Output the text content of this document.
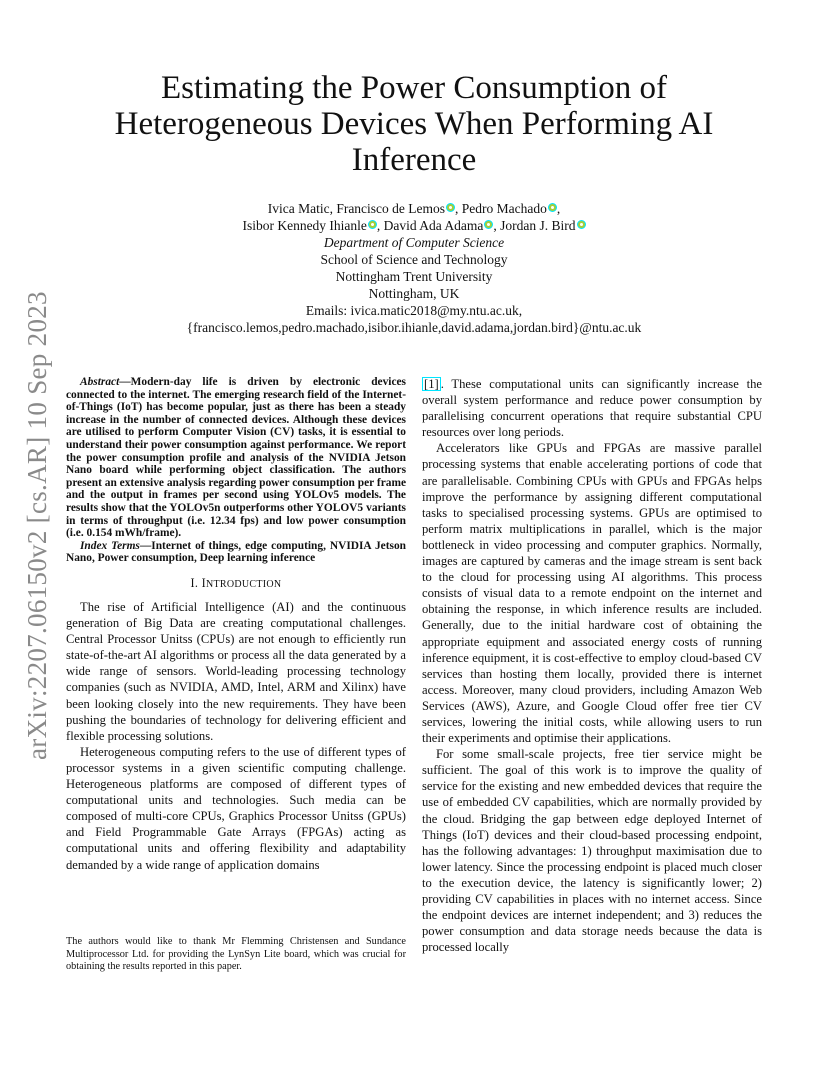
arXiv:2207.06150v2 [cs.AR] 10 Sep 2023
Estimating the Power Consumption of
Heterogeneous Devices When Performing AI
Inference
Ivica Matic, Francisco de Lemos , Pedro Machado ,
Isibor Kennedy Ihianle , David Ada Adama , Jordan J. Bird
Department of Computer Science
School of Science and Technology
Nottingham Trent University
Nottingham, UK
Emails: ivica.matic2018@my.ntu.ac.uk,
{francisco.lemos,pedro.machado,isibor.ihianle,david.adama,jordan.bird}@ntu.ac.uk

Abstract—Modern-day life is driven by electronic devices connected to the internet. The emerging research field of the Internet-of-Things (IoT) has become popular, just as there has been a steady increase in the number of connected devices. Although these devices are utilised to perform Computer Vision (CV) tasks, it is essential to understand their power consumption against performance. We report the power consumption profile and analysis of the NVIDIA Jetson Nano board while performing object classification. The authors present an extensive analysis regarding power consumption per frame and the output in frames per second using YOLOv5 models. The results show that the YOLOv5n outperforms other YOLOV5 variants in terms of throughput (i.e. 12.34 fps) and low power consumption (i.e. 0.154 mWh/frame).

Index Terms—Internet of things, edge computing, NVIDIA Jetson Nano, Power consumption, Deep learning inference

I. INTRODUCTION

The rise of Artificial Intelligence (AI) and the continuous generation of Big Data are creating computational challenges. Central Processor Unitss (CPUs) are not enough to efficiently run state-of-the-art AI algorithms or process all the data generated by a wide range of sensors. World-leading processing technology companies (such as NVIDIA, AMD, Intel, ARM and Xilinx) have been looking closely into the new requirements. They have been pushing the boundaries of technology for delivering efficient and flexible processing solutions.

Heterogeneous computing refers to the use of different types of processor systems in a given scientific computing challenge. Heterogeneous platforms are composed of different types of computational units and technologies. Such media can be composed of multi-core CPUs, Graphics Processor Unitss (GPUs) and Field Programmable Gate Arrays (FPGAs) acting as computational units and offering flexibility and adaptability demanded by a wide range of application domains

The authors would like to thank Mr Flemming Christensen and Sundance Multiprocessor Ltd. for providing the LynSyn Lite board, which was crucial for obtaining the results reported in this paper.

[1] . These computational units can significantly increase the overall system performance and reduce power consumption by parallelising concurrent operations that require substantial CPU resources over long periods.

Accelerators like GPUs and FPGAs are massive parallel processing systems that enable accelerating portions of code that are parallelisable. Combining CPUs with GPUs and FPGAs helps improve the performance by assigning different computational tasks to specialised processing systems. GPUs are optimised to perform matrix multiplications in parallel, which is the major bottleneck in video processing and computer graphics. Normally, images are captured by cameras and the image stream is sent back to the cloud for processing using AI algorithms. This process consists of visual data to a remote endpoint on the internet and obtaining the response, in which inference results are included. Generally, due to the initial hardware cost of obtaining the appropriate equipment and associated energy costs of running inference equipment, it is cost-effective to employ cloud-based CV services than hosting them locally, provided there is internet access. Moreover, many cloud providers, including Amazon Web Services (AWS), Azure, and Google Cloud offer free tier CV services, lowering the initial costs, while allowing users to run their experiments and optimise their applications.

For some small-scale projects, free tier service might be sufficient. The goal of this work is to improve the quality of service for the existing and new embedded devices that require the use of embedded CV capabilities, which are normally provided by the cloud. Bridging the gap between edge deployed Internet of Things (IoT) devices and their cloud-based processing endpoint, has the following advantages: 1) throughput maximisation due to lower latency. Since the processing endpoint is placed much closer to the execution device, the latency is significantly lower; 2) providing CV capabilities in places with no internet access. Since the endpoint devices are internet independent; and 3) reduces the power consumption and data storage needs because the data is processed locally
